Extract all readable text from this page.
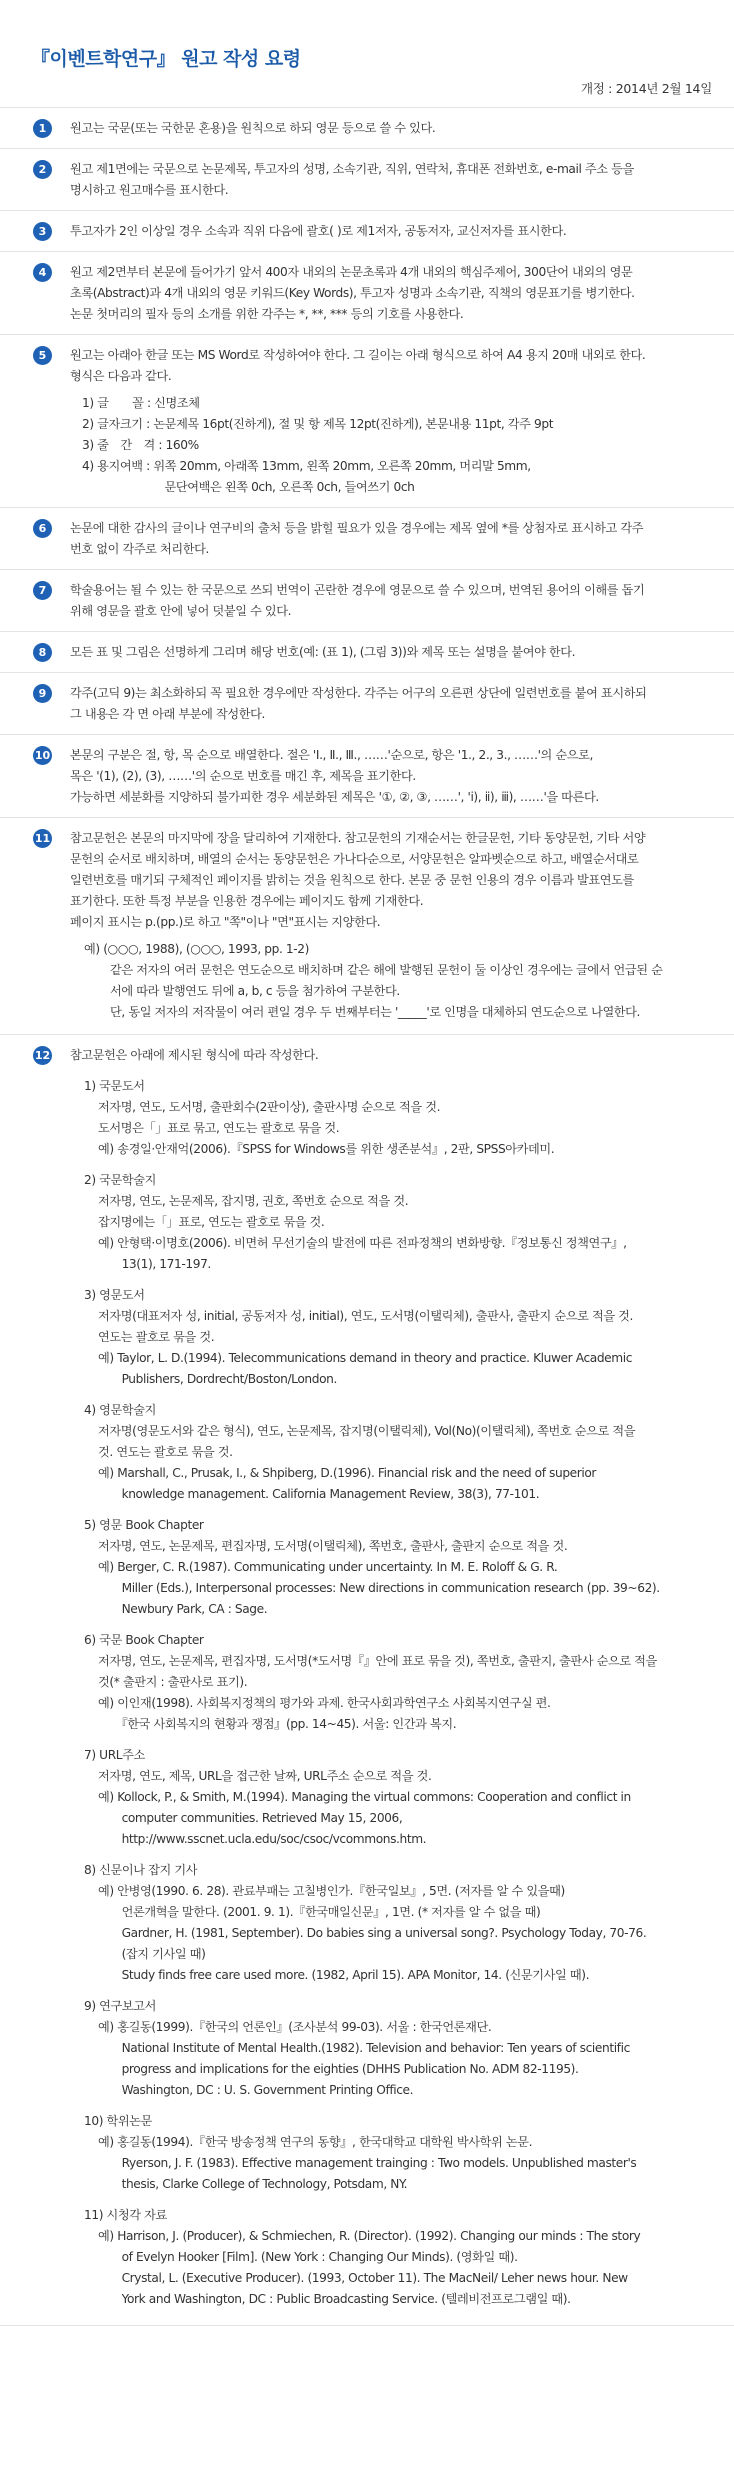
『이벤트학연구』 원고 작성 요령
개정 : 2014년 2월 14일
1	원고는 국문(또는 국한문 혼용)을 원칙으로 하되 영문 등으로 쓸 수 있다.
2	원고 제1면에는 국문으로 논문제목, 투고자의 성명, 소속기관, 직위, 연락처, 휴대폰 전화번호, e-mail 주소 등을
명시하고 원고매수를 표시한다.
3	투고자가 2인 이상일 경우 소속과 직위 다음에 괄호( )로 제1저자, 공동저자, 교신저자를 표시한다.
4	원고 제2면부터 본문에 들어가기 앞서 400자 내외의 논문초록과 4개 내외의 핵심주제어, 300단어 내외의 영문
초록(Abstract)과 4개 내외의 영문 키워드(Key Words), 투고자 성명과 소속기관, 직책의 영문표기를 병기한다.
논문 첫머리의 필자 등의 소개를 위한 각주는 *, **, *** 등의 기호를 사용한다.
5	원고는 아래아 한글 또는 MS Word로 작성하여야 한다. 그 길이는 아래 형식으로 하여 A4 용지 20매 내외로 한다.
형식은 다음과 같다.
1) 글　　꼴 : 신명조체
2) 글자크기 : 논문제목 16pt(진하게), 절 및 항 제목 12pt(진하게), 본문내용 11pt, 각주 9pt
3) 줄　간　격 : 160%
4) 용지여백 : 위쪽 20mm, 아래쪽 13mm, 왼쪽 20mm, 오른쪽 20mm, 머리말 5mm,
　　　　　　　문단여백은 왼쪽 0ch, 오른쪽 0ch, 들여쓰기 0ch
6	논문에 대한 감사의 글이나 연구비의 출처 등을 밝힐 필요가 있을 경우에는 제목 옆에 *를 상첨자로 표시하고 각주
번호 없이 각주로 처리한다.
7	학술용어는 될 수 있는 한 국문으로 쓰되 번역이 곤란한 경우에 영문으로 쓸 수 있으며, 번역된 용어의 이해를 돕기
위해 영문을 괄호 안에 넣어 덧붙일 수 있다.
8	모든 표 및 그림은 선명하게 그리며 해당 번호(예: (표 1), (그림 3))와 제목 또는 설명을 붙여야 한다.
9	각주(고딕 9)는 최소화하되 꼭 필요한 경우에만 작성한다. 각주는 어구의 오른편 상단에 일련번호를 붙여 표시하되
그 내용은 각 면 아래 부분에 작성한다.
10 본문의 구분은 절, 항, 목 순으로 배열한다. 절은 'Ⅰ., Ⅱ., Ⅲ., ……'순으로, 항은 '1., 2., 3., ……'의 순으로,
목은 '(1), (2), (3), ……'의 순으로 번호를 매긴 후, 제목을 표기한다.
가능하면 세분화를 지양하되 불가피한 경우 세분화된 제목은 '①, ②, ③, ……', 'ⅰ), ⅱ), ⅲ), ……'을 따른다.
11 참고문헌은 본문의 마지막에 장을 달리하여 기재한다. 참고문헌의 기재순서는 한글문헌, 기타 동양문헌, 기타 서양
문헌의 순서로 배치하며, 배열의 순서는 동양문헌은 가나다순으로, 서양문헌은 알파벳순으로 하고, 배열순서대로
일련번호를 매기되 구체적인 페이지를 밝히는 것을 원칙으로 한다. 본문 중 문헌 인용의 경우 이름과 발표연도를
표기한다. 또한 특정 부분을 인용한 경우에는 페이지도 함께 기재한다.
페이지 표시는 p.(pp.)로 하고 "쪽"이나 "면"표시는 지양한다.
예) (○○○, 1988), (○○○, 1993, pp. 1-2)
같은 저자의 여러 문헌은 연도순으로 배치하며 같은 해에 발행된 문헌이 둘 이상인 경우에는 글에서 언급된 순
서에 따라 발행연도 뒤에 a, b, c 등을 첨가하여 구분한다.
단, 동일 저자의 저작물이 여러 편일 경우 두 번째부터는 '_____'로 인명을 대체하되 연도순으로 나열한다.
12 참고문헌은 아래에 제시된 형식에 따라 작성한다.
1) 국문도서
저자명, 연도, 도서명, 출판회수(2판이상), 출판사명 순으로 적을 것.
도서명은「」표로 묶고, 연도는 괄호로 묶을 것.
예) 송경일·안재억(2006).『SPSS for Windows를 위한 생존분석』, 2판, SPSS아카데미.
2) 국문학술지
저자명, 연도, 논문제목, 잡지명, 권호, 쪽번호 순으로 적을 것.
잡지명에는「」표로, 연도는 괄호로 묶을 것.
예) 안형택·이명호(2006). 비면허 무선기술의 발전에 따른 전파정책의 변화방향.『정보통신 정책연구』,
　　13(1), 171-197.
3) 영문도서
저자명(대표저자 성, initial, 공동저자 성, initial), 연도, 도서명(이탤릭체), 출판사, 출판지 순으로 적을 것.
연도는 괄호로 묶을 것.
예) Taylor, L. D.(1994). Telecommunications demand in theory and practice. Kluwer Academic
　　Publishers, Dordrecht/Boston/London.
4) 영문학술지
저자명(영문도서와 같은 형식), 연도, 논문제목, 잡지명(이탤릭체), Vol(No)(이탤릭체), 쪽번호 순으로 적을
것. 연도는 괄호로 묶을 것.
예) Marshall, C., Prusak, I., & Shpiberg, D.(1996). Financial risk and the need of superior
　　knowledge management. California Management Review, 38(3), 77-101.
5) 영문 Book Chapter
저자명, 연도, 논문제목, 편집자명, 도서명(이탤릭체), 쪽번호, 출판사, 출판지 순으로 적을 것.
예) Berger, C. R.(1987). Communicating under uncertainty. In M. E. Roloff & G. R.
　　Miller (Eds.), Interpersonal processes: New directions in communication research (pp. 39~62).
　　Newbury Park, CA : Sage.
6) 국문 Book Chapter
저자명, 연도, 논문제목, 편집자명, 도서명(*도서명『』안에 표로 묶을 것), 쪽번호, 출판지, 출판사 순으로 적을
것(* 출판지 : 출판사로 표기).
예) 이인재(1998). 사회복지정책의 평가와 과제. 한국사회과학연구소 사회복지연구실 편.
　　『한국 사회복지의 현황과 쟁점』(pp. 14~45). 서울: 인간과 복지.
7) URL주소
저자명, 연도, 제목, URL을 접근한 날짜, URL주소 순으로 적을 것.
예) Kollock, P., & Smith, M.(1994). Managing the virtual commons: Cooperation and conflict in
　　computer communities. Retrieved May 15, 2006,
　　http://www.sscnet.ucla.edu/soc/csoc/vcommons.htm.
8) 신문이나 잡지 기사
예) 안병영(1990. 6. 28). 관료부패는 고칠병인가.『한국일보』, 5면. (저자를 알 수 있을때)
　　언론개혁을 말한다. (2001. 9. 1).『한국매일신문』, 1면. (* 저자를 알 수 없을 때)
　　Gardner, H. (1981, September). Do babies sing a universal song?. Psychology Today, 70-76.
　　(잡지 기사일 때)
　　Study finds free care used more. (1982, April 15). APA Monitor, 14. (신문기사일 때).
9) 연구보고서
예) 홍길동(1999).『한국의 언론인』(조사분석 99-03). 서울 : 한국언론재단.
　　National Institute of Mental Health.(1982). Television and behavior: Ten years of scientific
　　progress and implications for the eighties (DHHS Publication No. ADM 82-1195).
　　Washington, DC : U. S. Government Printing Office.
10) 학위논문
예) 홍길동(1994).『한국 방송정책 연구의 동향』, 한국대학교 대학원 박사학위 논문.
　　Ryerson, J. F. (1983). Effective management trainging : Two models. Unpublished master's
　　thesis, Clarke College of Technology, Potsdam, NY.
11) 시청각 자료
예) Harrison, J. (Producer), & Schmiechen, R. (Director). (1992). Changing our minds : The story
　　of Evelyn Hooker [Film]. (New York : Changing Our Minds). (영화일 때).
　　Crystal, L. (Executive Producer). (1993, October 11). The MacNeil/ Leher news hour. New
　　York and Washington, DC : Public Broadcasting Service. (텔레비전프로그램일 때).
